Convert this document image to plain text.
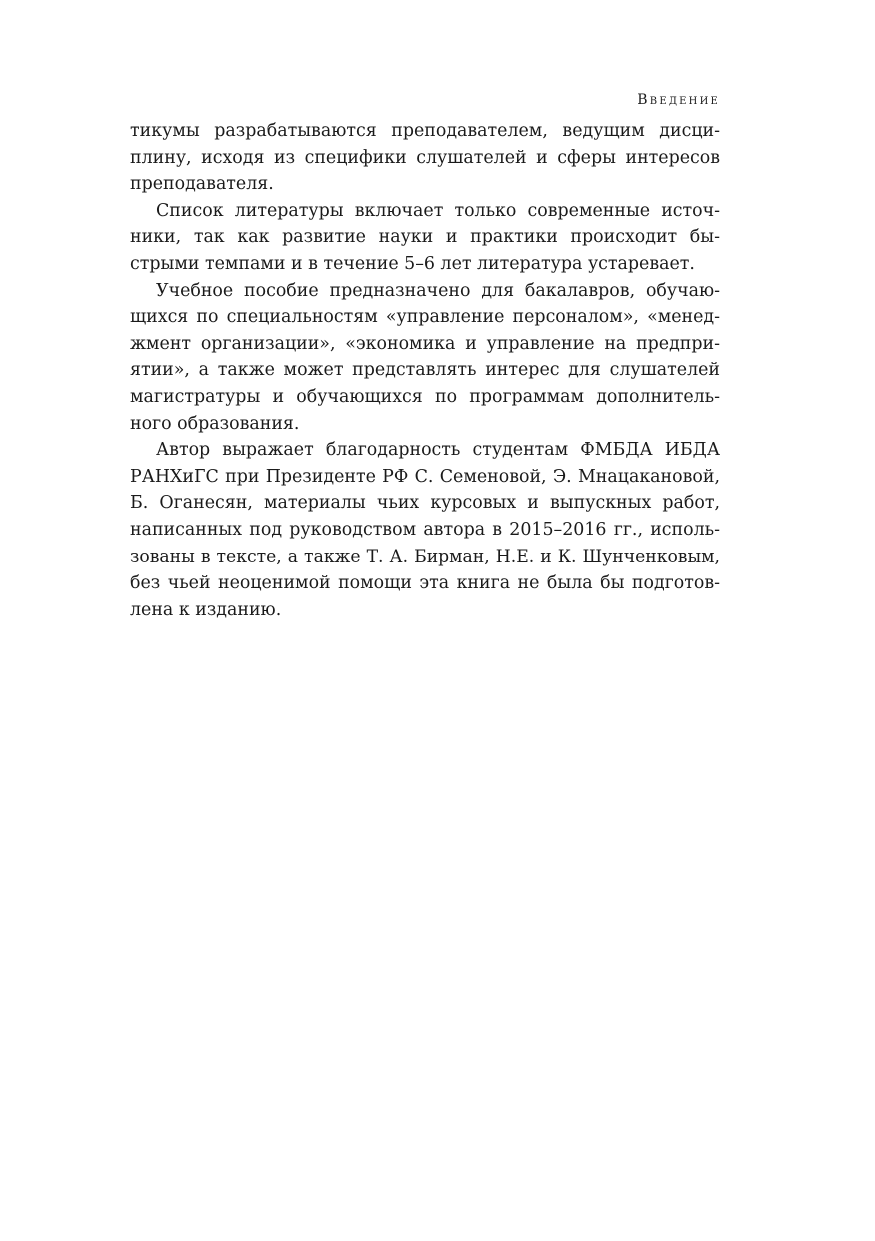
Введение
тикумы разрабатываются преподавателем, ведущим дисци-
плину, исходя из специфики слушателей и сферы интересов
преподавателя.
Список литературы включает только современные источ-
ники, так как развитие науки и практики происходит бы-
стрыми темпами и в течение 5–6 лет литература устаревает.
Учебное пособие предназначено для бакалавров, обучаю-
щихся по специальностям «управление персоналом», «менед-
жмент организации», «экономика и управление на предпри-
ятии», а также может представлять интерес для слушателей
магистратуры и обучающихся по программам дополнитель-
ного образования.
Автор выражает благодарность студентам ФМБДА ИБДА
РАНХиГС при Президенте РФ С. Семеновой, Э. Мнацакановой,
Б. Оганесян, материалы чьих курсовых и выпускных работ,
написанных под руководством автора в 2015–2016 гг., исполь-
зованы в тексте, а также Т. А. Бирман, Н.Е. и К. Шунченковым,
без чьей неоценимой помощи эта книга не была бы подготов-
лена к изданию.
